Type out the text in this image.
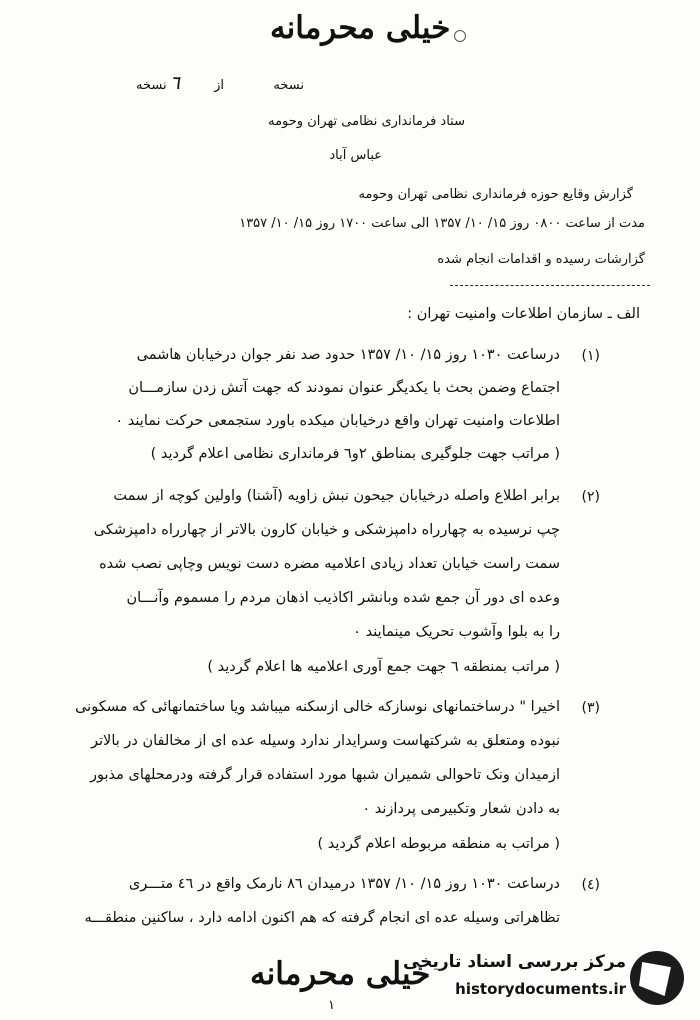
خیلی محرمانه
نسخه ٦	از	نسخه
ستاد فرمانداری نظامی تهران وحومه
عباس آباد
گزارش وقایع حوزه فرمانداری نظامی تهران وحومه
مدت از ساعت ۰۸۰۰ روز ۱۵/ ۱۰/ ۱۳۵۷ الی ساعت ۱۷۰۰ روز ۱۵/ ۱۰/ ۱۳۵۷
گزارشات رسیده و اقدامات انجام شده
الف ـ سازمان اطلاعات وامنیت تهران :
(۱)
درساعت ۱۰۳۰ روز ۱۵/ ۱۰/ ۱۳۵۷ حدود صد نفر جوان درخیابان هاشمی
اجتماع وضمن بحث با یکدیگر عنوان نمودند که جهت آتش زدن سازمـــان
اطلاعات وامنیت تهران واقع درخیابان میکده باورد ستجمعی حرکت نمایند ٠
( مراتب جهت جلوگیری بمناطق ۲و٦ فرمانداری نظامی اعلام گردید )
(۲)
برابر اطلاع واصله درخیابان جیحون نبش زاویه (آشنا) واولین کوچه از سمت
چپ نرسیده به چهارراه دامپزشکی و خیابان کارون بالاتر از چهارراه دامپزشکی
سمت راست خیابان تعداد زیادی اعلامیه مضره دست نویس وچاپی نصب شده
وعده ای دور آن جمع شده وبانشر اکاذیب اذهان مردم را مسموم وآنـــان
را به بلوا وآشوب تحریک مینمایند ٠
( مراتب بمنطقه ٦ جهت جمع آوری اعلامیه ها اعلام گردید )
(۳)
اخیرا " درساختمانهای نوسازکه خالی ازسکنه میباشد ویا ساختمانهائی که مسکونی
نبوده ومتعلق به شرکتهاست وسرایدار ندارد وسیله عده ای از مخالفان در بالاتر
ازمیدان ونک تاحوالی شمیران شبها مورد استفاده قرار گرفته ودرمحلهای مذبور
به دادن شعار وتکبیرمی پردازند ٠
( مراتب به منطقه مربوطه اعلام گردید )
(٤)
درساعت ۱۰۳۰ روز ۱۵/ ۱۰/ ۱۳۵۷ درمیدان ۸٦ نارمک واقع در ٤٦ متـــری
تظاهراتی وسیله عده ای انجام گرفته که هم اکنون ادامه دارد ، ساکنین منطقـــه
خیلی محرمانه
۱
مرکز بررسی اسناد تاریخی
historydocuments.ir
